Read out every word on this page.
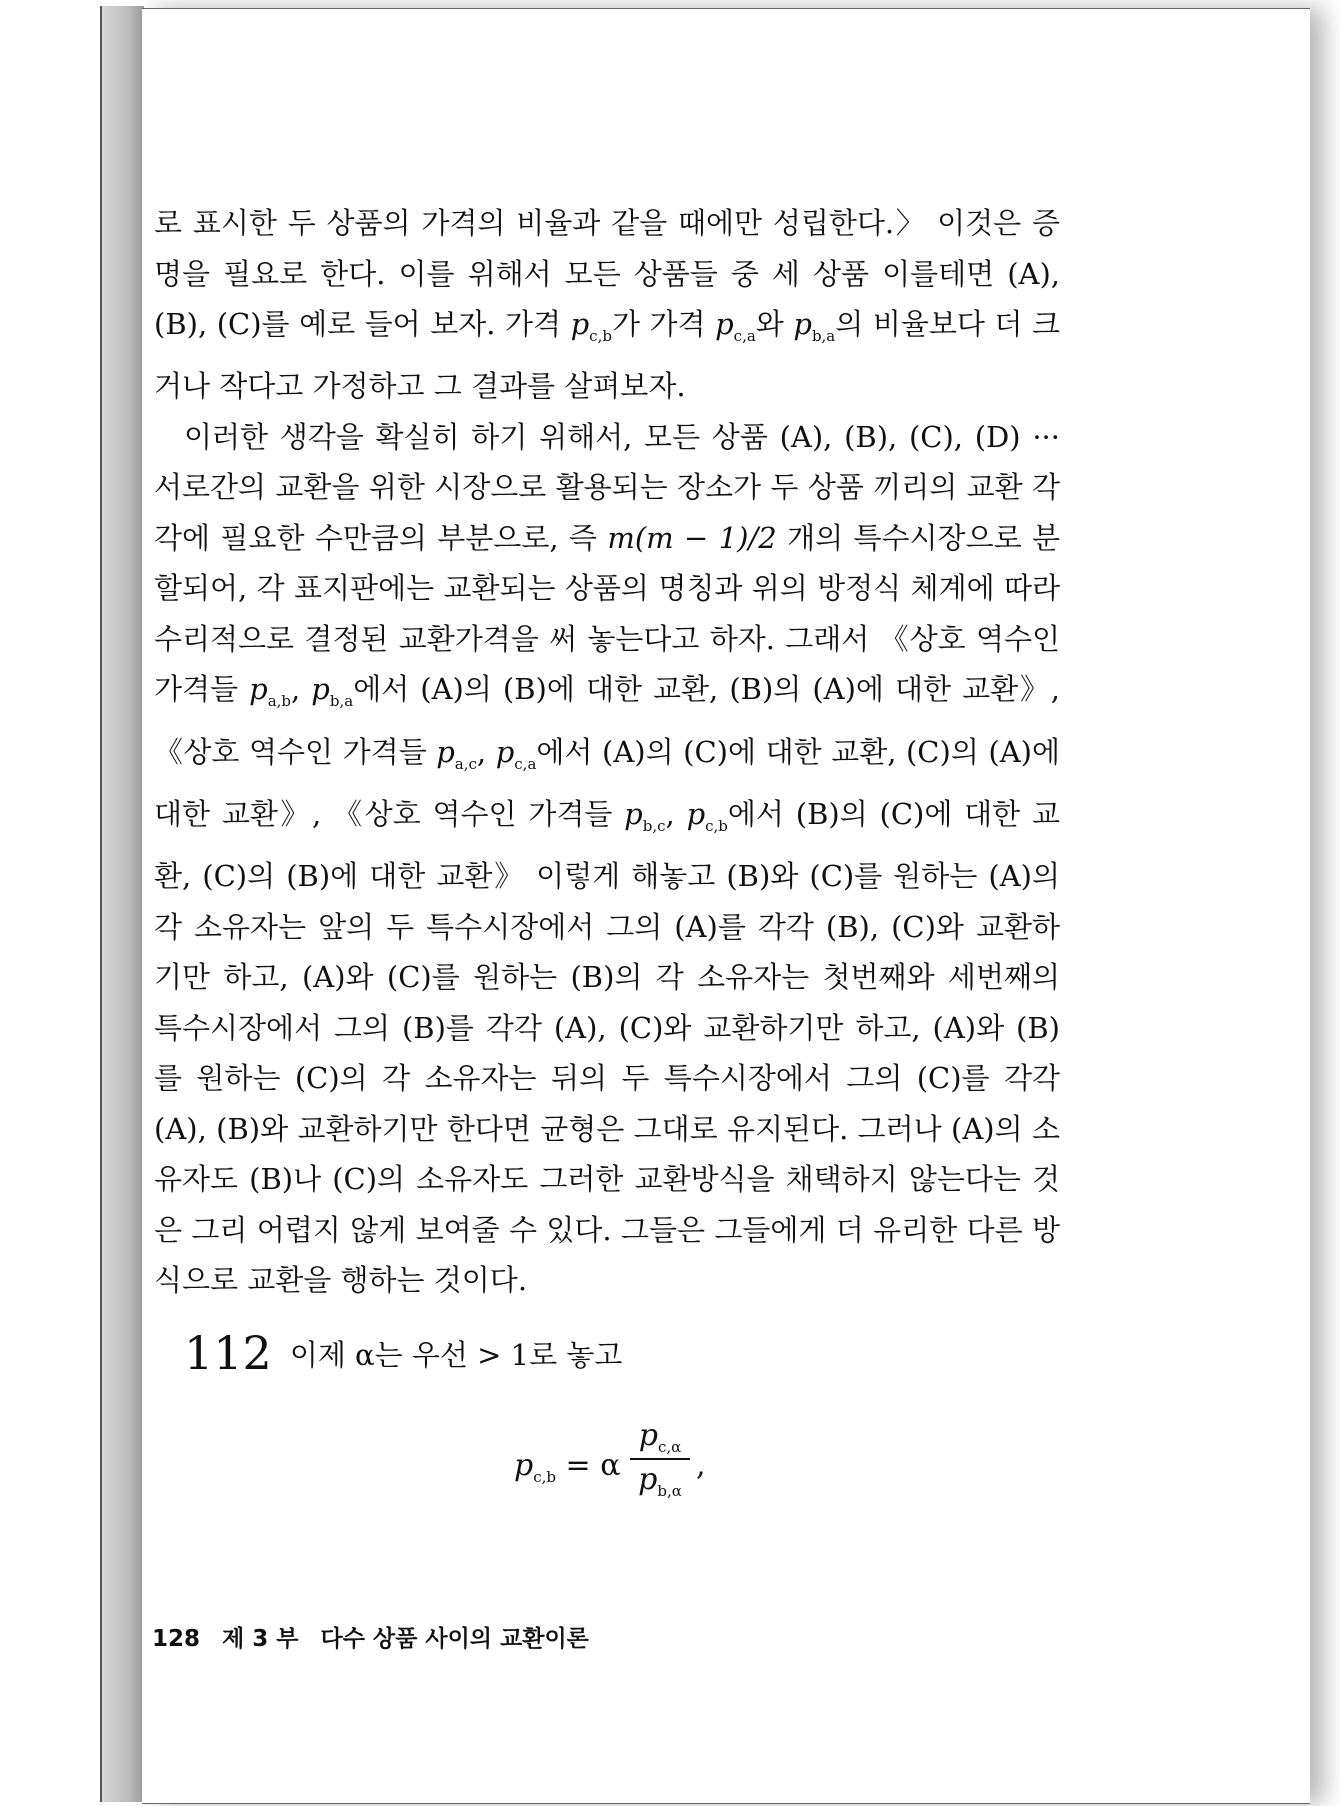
로 표시한 두 상품의 가격의 비율과 같을 때에만 성립한다.〉 이것은 증명을 필요로 한다. 이를 위해서 모든 상품들 중 세 상품 이를테면 (A), (B), (C)를 예로 들어 보자. 가격 $p_{c,b}$가 가격 $p_{c,a}$와 $p_{b,a}$의 비율보다 더 크거나 작다고 가정하고 그 결과를 살펴보자.

이러한 생각을 확실히 하기 위해서, 모든 상품 (A), (B), (C), (D) ··· 서로간의 교환을 위한 시장으로 활용되는 장소가 두 상품 끼리의 교환 각각에 필요한 수만큼의 부분으로, 즉 m(m − 1)/2 개의 특수시장으로 분할되어, 각 표지판에는 교환되는 상품의 명칭과 위의 방정식 체계에 따라 수리적으로 결정된 교환가격을 써 놓는다고 하자. 그래서 《상호 역수인 가격들 $p_{a,b}$, $p_{b,a}$에서 (A)의 (B)에 대한 교환, (B)의 (A)에 대한 교환》, 《상호 역수인 가격들 $p_{a,c}$, $p_{c,a}$에서 (A)의 (C)에 대한 교환, (C)의 (A)에 대한 교환》, 《상호 역수인 가격들 $p_{b,c}$, $p_{c,b}$에서 (B)의 (C)에 대한 교환, (C)의 (B)에 대한 교환》 이렇게 해놓고 (B)와 (C)를 원하는 (A)의 각 소유자는 앞의 두 특수시장에서 그의 (A)를 각각 (B), (C)와 교환하기만 하고, (A)와 (C)를 원하는 (B)의 각 소유자는 첫번째와 세번째의 특수시장에서 그의 (B)를 각각 (A), (C)와 교환하기만 하고, (A)와 (B)를 원하는 (C)의 각 소유자는 뒤의 두 특수시장에서 그의 (C)를 각각 (A), (B)와 교환하기만 한다면 균형은 그대로 유지된다. 그러나 (A)의 소유자도 (B)나 (C)의 소유자도 그러한 교환방식을 채택하지 않는다는 것은 그리 어렵지 않게 보여줄 수 있다. 그들은 그들에게 더 유리한 다른 방식으로 교환을 행하는 것이다.

112 이제 α는 우선 > 1로 놓고
$p_{c,b} = \alpha \frac{p_{c,\alpha}}{p_{b,\alpha}}$ ,
128 제 3 부 다수 상품 사이의 교환이론
